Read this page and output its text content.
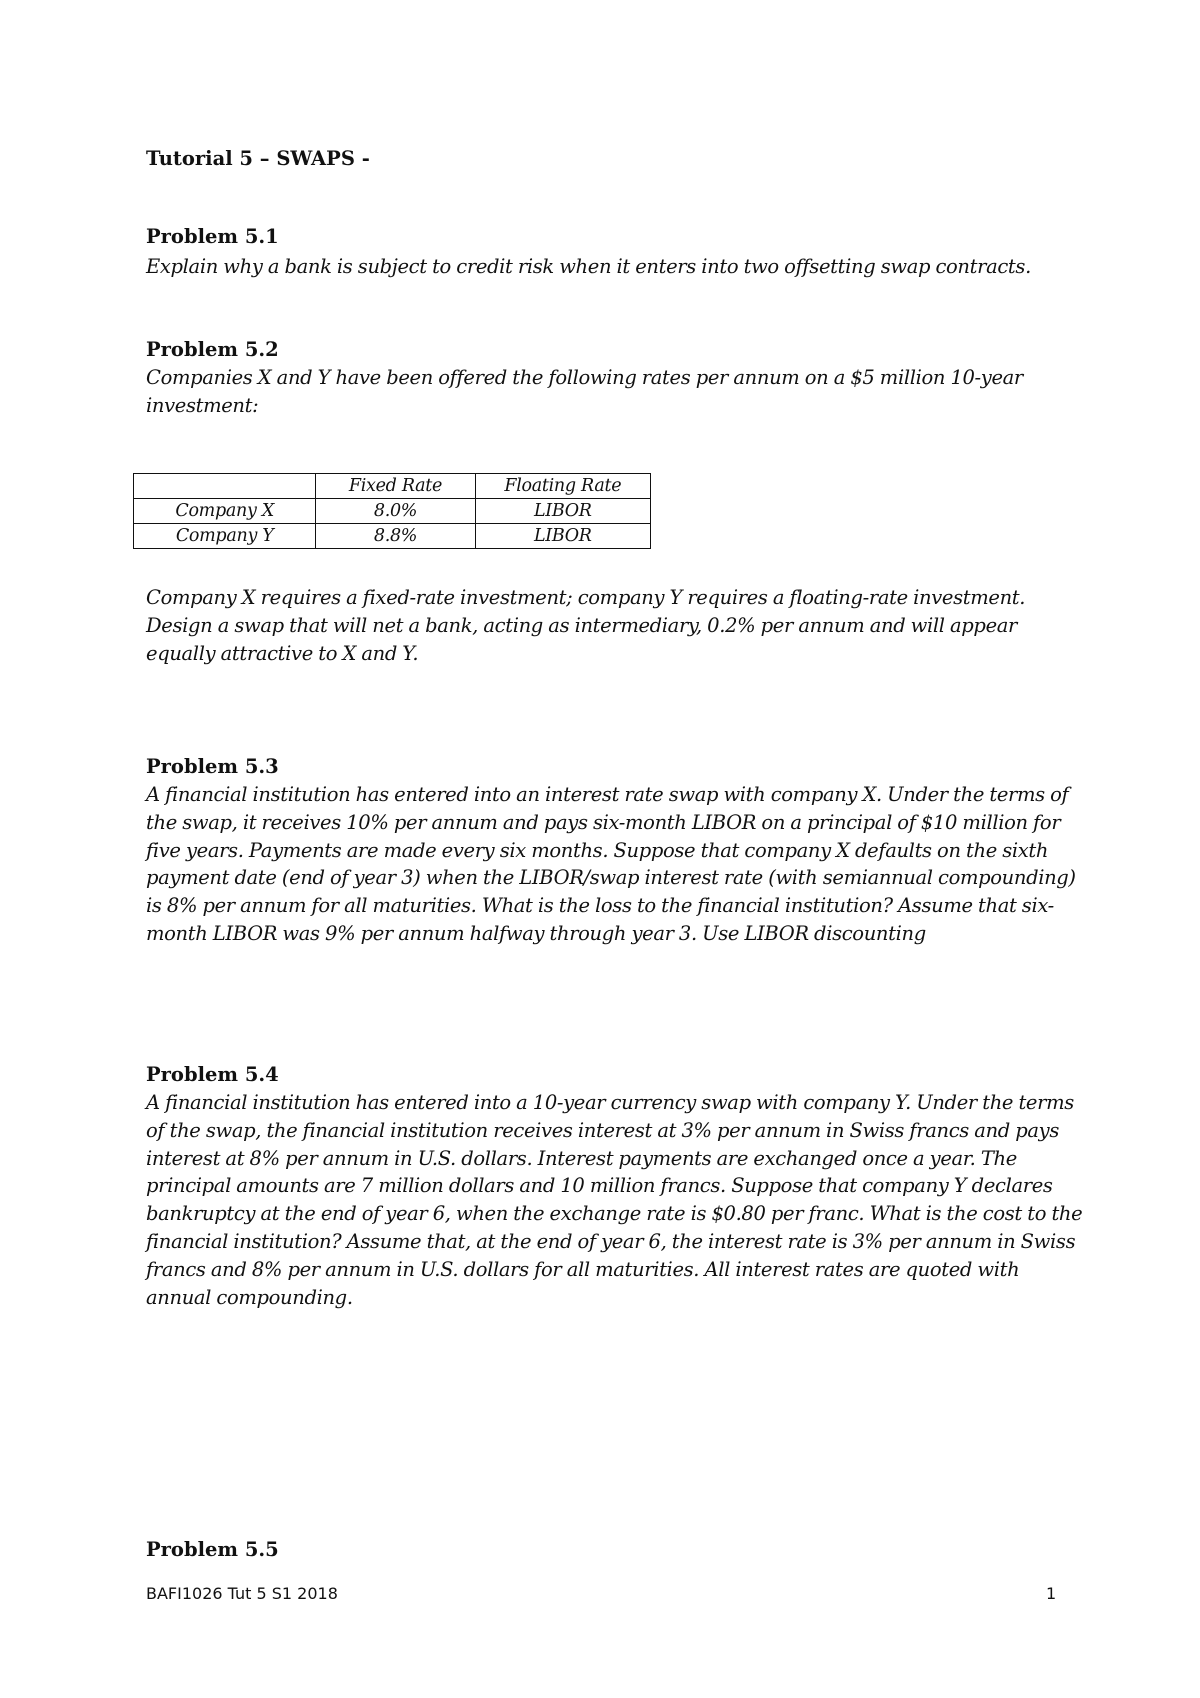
Tutorial 5 – SWAPS -

Problem 5.1

Explain why a bank is subject to credit risk when it enters into two offsetting swap contracts.

Problem 5.2

Companies X and Y have been offered the following rates per annum on a $5 million 10-year investment:

	Fixed Rate	Floating Rate
Company X	8.0%	LIBOR
Company Y	8.8%	LIBOR

Company X requires a fixed-rate investment; company Y requires a floating-rate investment. Design a swap that will net a bank, acting as intermediary, 0.2% per annum and will appear equally attractive to X and Y.

Problem 5.3

A financial institution has entered into an interest rate swap with company X. Under the terms of the swap, it receives 10% per annum and pays six-month LIBOR on a principal of $10 million for five years. Payments are made every six months. Suppose that company X defaults on the sixth payment date (end of year 3) when the LIBOR/swap interest rate (with semiannual compounding) is 8% per annum for all maturities. What is the loss to the financial institution? Assume that six-month LIBOR was 9% per annum halfway through year 3. Use LIBOR discounting

Problem 5.4

A financial institution has entered into a 10-year currency swap with company Y. Under the terms of the swap, the financial institution receives interest at 3% per annum in Swiss francs and pays interest at 8% per annum in U.S. dollars. Interest payments are exchanged once a year. The principal amounts are 7 million dollars and 10 million francs. Suppose that company Y declares bankruptcy at the end of year 6, when the exchange rate is $0.80 per franc. What is the cost to the financial institution? Assume that, at the end of year 6, the interest rate is 3% per annum in Swiss francs and 8% per annum in U.S. dollars for all maturities. All interest rates are quoted with annual compounding.

Problem 5.5

BAFI1026 Tut 5 S1 2018	1
